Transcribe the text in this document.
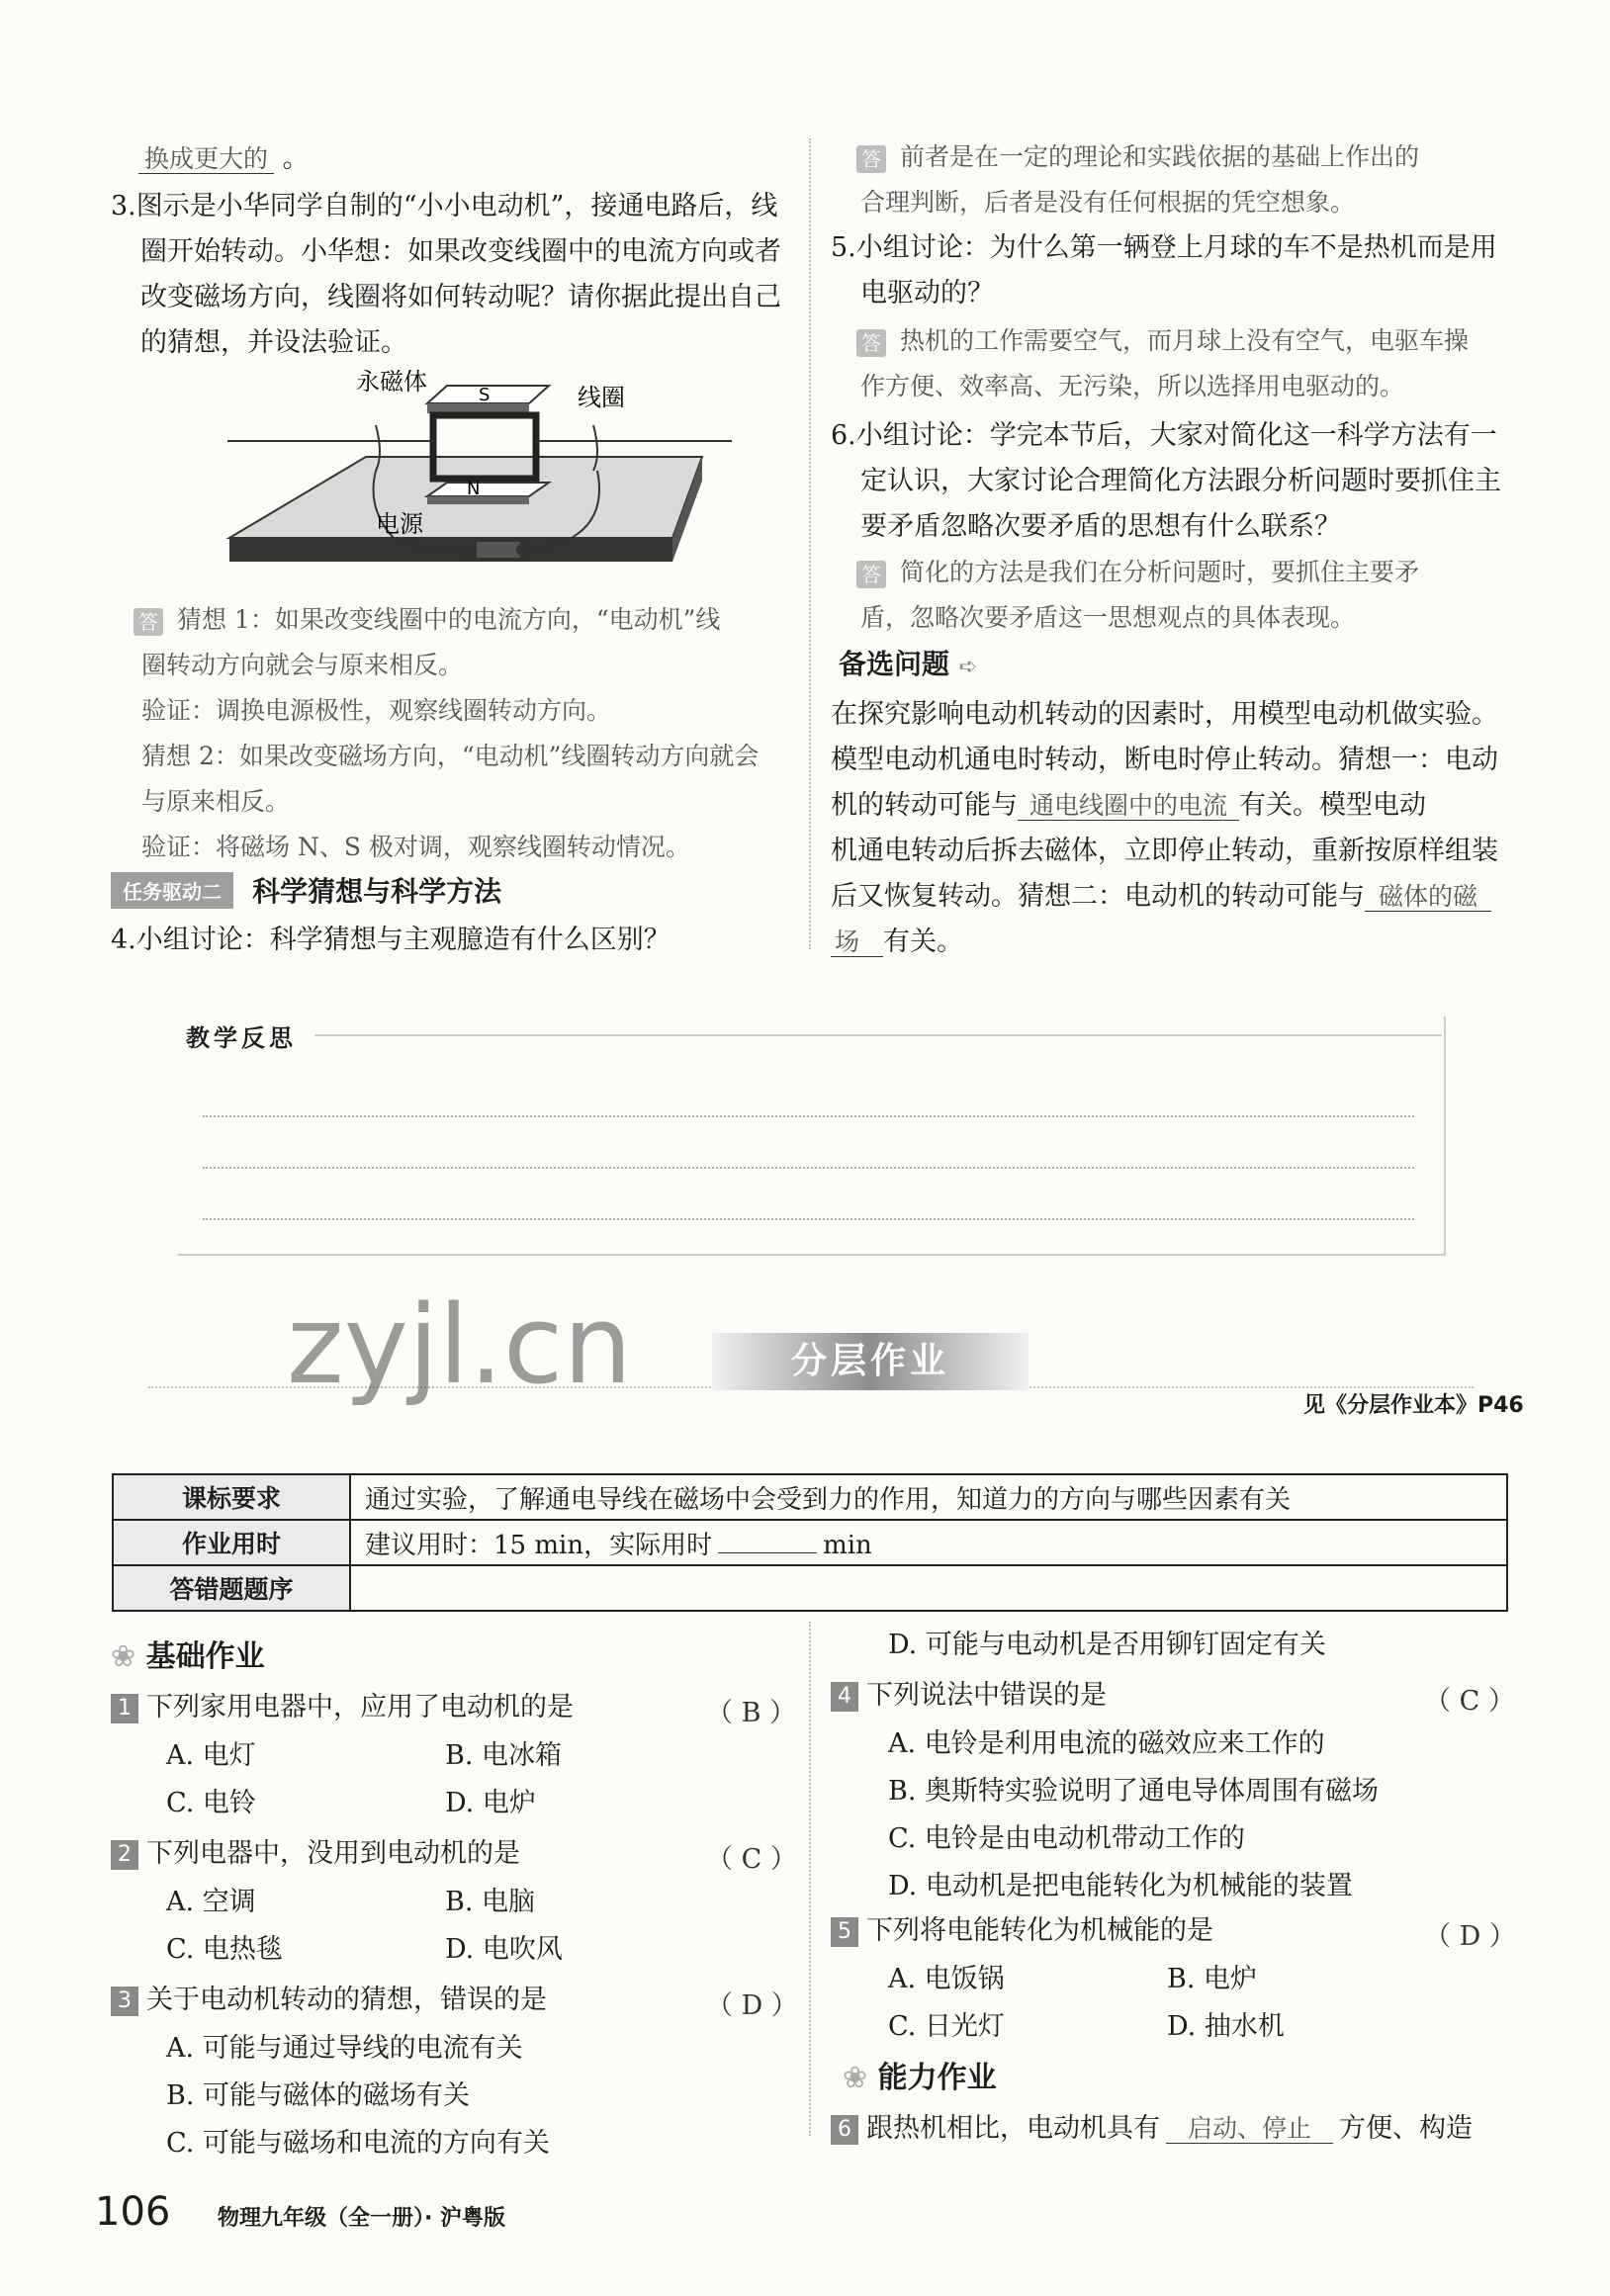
换成更大的 。
3.图示是小华同学自制的“小小电动机”，接通电路后，线
圈开始转动。小华想：如果改变线圈中的电流方向或者
改变磁场方向，线圈将如何转动呢？请你据此提出自己
的猜想，并设法验证。
永磁体
线圈
电源
S
N
答 猜想 1：如果改变线圈中的电流方向，“电动机”线
圈转动方向就会与原来相反。
验证：调换电源极性，观察线圈转动方向。
猜想 2：如果改变磁场方向，“电动机”线圈转动方向就会
与原来相反。
验证：将磁场 N、S 极对调，观察线圈转动情况。
任务驱动二 科学猜想与科学方法
4.小组讨论：科学猜想与主观臆造有什么区别？
答 前者是在一定的理论和实践依据的基础上作出的
合理判断，后者是没有任何根据的凭空想象。
5.小组讨论：为什么第一辆登上月球的车不是热机而是用
电驱动的？
答 热机的工作需要空气，而月球上没有空气，电驱车操
作方便、效率高、无污染，所以选择用电驱动的。
6.小组讨论：学完本节后，大家对简化这一科学方法有一
定认识，大家讨论合理简化方法跟分析问题时要抓住主
要矛盾忽略次要矛盾的思想有什么联系？
答 简化的方法是我们在分析问题时，要抓住主要矛
盾，忽略次要矛盾这一思想观点的具体表现。
备选问题 ➪
在探究影响电动机转动的因素时，用模型电动机做实验。
模型电动机通电时转动，断电时停止转动。猜想一：电动
机的转动可能与 通电线圈中的电流 有关。模型电动
机通电转动后拆去磁体，立即停止转动，重新按原样组装
后又恢复转动。猜想二：电动机的转动可能与 磁体的磁
场 有关。
教学反思
分层作业
zyjl.cn	见《分层作业本》P46
课标要求	通过实验，了解通电导线在磁场中会受到力的作用，知道力的方向与哪些因素有关
作业用时	建议用时：15 min，实际用时 min
答错题题序	
❀ 基础作业
1 下列家用电器中，应用了电动机的是	（ B ）
A. 电灯	B. 电冰箱
C. 电铃	D. 电炉
2 下列电器中，没用到电动机的是	（ C ）
A. 空调	B. 电脑
C. 电热毯	D. 电吹风
3 关于电动机转动的猜想，错误的是	（ D ）
A. 可能与通过导线的电流有关
B. 可能与磁体的磁场有关
C. 可能与磁场和电流的方向有关
D. 可能与电动机是否用铆钉固定有关
4 下列说法中错误的是	（ C ）
A. 电铃是利用电流的磁效应来工作的
B. 奥斯特实验说明了通电导体周围有磁场
C. 电铃是由电动机带动工作的
D. 电动机是把电能转化为机械能的装置
5 下列将电能转化为机械能的是	（ D ）
A. 电饭锅	B. 电炉
C. 日光灯	D. 抽水机
❀ 能力作业
6 跟热机相比，电动机具有 启动、停止 方便、构造
106 物理九年级（全一册）· 沪粤版
